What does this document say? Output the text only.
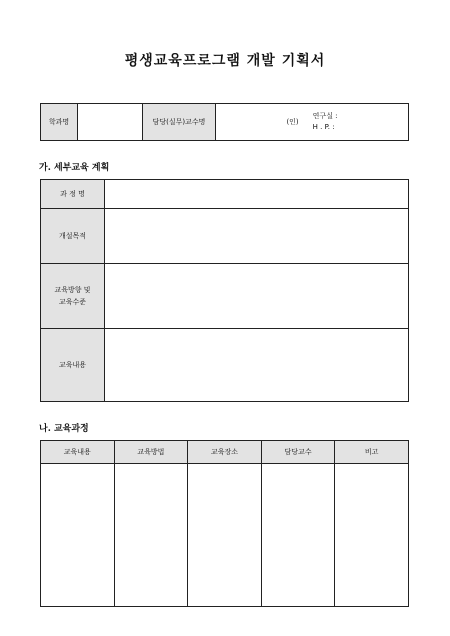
평생교육프로그램 개발 기획서
학과명		담당(실무)교수명	(인)
연구실 :
H . P. :
가. 세부교육 계획
과 정 명	
개설목적	

교육방향 및
교육수준	

교육내용	
나. 교육과정
교육내용	교육방법	교육장소	담당교수	비고
